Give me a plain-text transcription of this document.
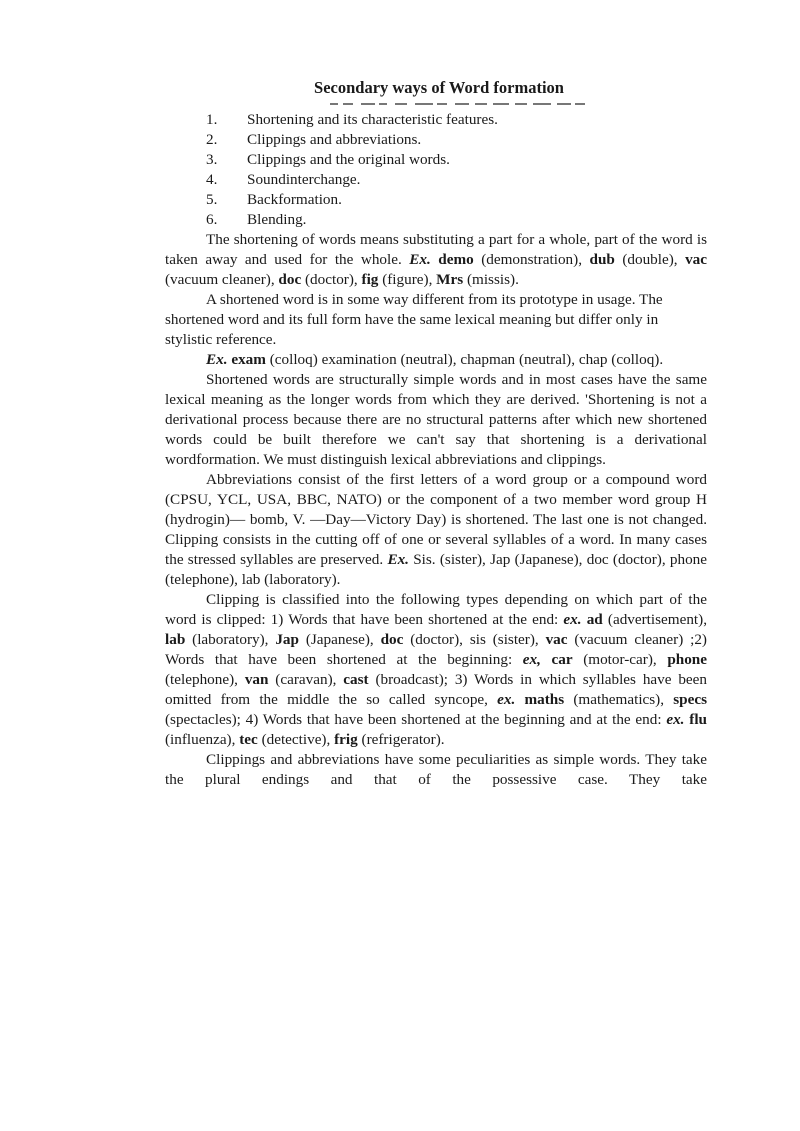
Secondary ways of Word formation
1. Shortening and its characteristic features.
2. Clippings and abbreviations.
3. Clippings and the original words.
4. Soundinterchange.
5. Backformation.
6. Blending.

The shortening of words means substituting a part for a whole, part of the word is taken away and used for the whole. Ex. demo (demonstration), dub (double), vac (vacuum cleaner), doc (doctor), fig (figure), Mrs (missis).

A shortened word is in some way different from its prototype in usage. The shortened word and its full form have the same lexical meaning but differ only in stylistic reference.

Ex. exam (colloq) examination (neutral), chapman (neutral), chap (colloq).

Shortened words are structurally simple words and in most cases have the same lexical meaning as the longer words from which they are derived. 'Shortening is not a derivational process because there are no structural patterns after which new shortened words could be built therefore we can't say that shortening is a derivational wordformation. We must distinguish lexical abbreviations and clippings.

Abbreviations consist of the first letters of a word group or a compound word (CPSU, YCL, USA, BBC, NATO) or the component of a two member word group H (hydrogin)— bomb, V. —Day—Victory Day) is shortened. The last one is not changed. Clipping consists in the cutting off of one or several syllables of a word. In many cases the stressed syllables are preserved. Ex. Sis. (sister), Jap (Japanese), doc (doctor), phone (telephone), lab (laboratory).

Clipping is classified into the following types depending on which part of the word is clipped: 1) Words that have been shortened at the end: ex. ad (advertisement), lab (laboratory), Jap (Japanese), doc (doctor), sis (sister), vac (vacuum cleaner) ;2) Words that have been shortened at the beginning: ex, car (motor-car), phone (telephone), van (caravan), cast (broadcast); 3) Words in which syllables have been omitted from the middle the so called syncope, ex. maths (mathematics), specs (spectacles); 4) Words that have been shortened at the beginning and at the end: ex. flu (influenza), tec (detective), frig (refrigerator).

Clippings and abbreviations have some peculiarities as simple words. They take the plural endings and that of the possessive case. They take
